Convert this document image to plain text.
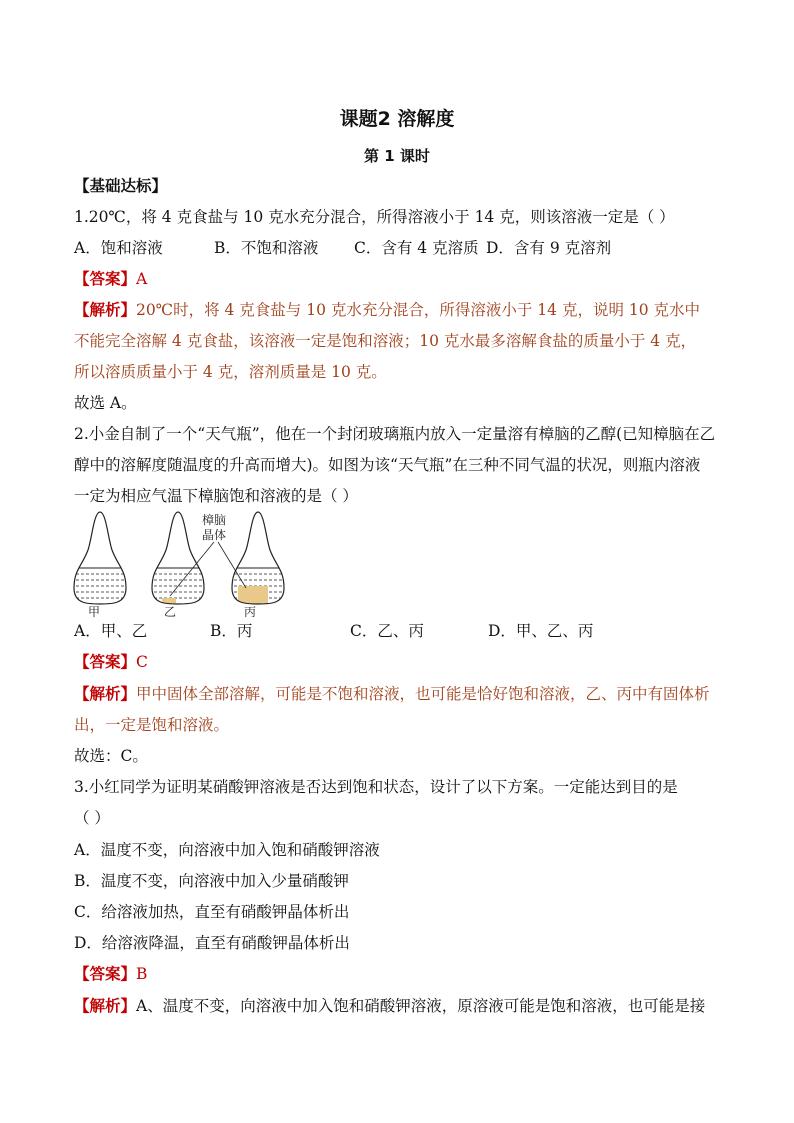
课题2 溶解度
第 1 课时
【基础达标】
1.20℃，将 4 克食盐与 10 克水充分混合，所得溶液小于 14 克，则该溶液一定是（ ）
A．饱和溶液	B．不饱和溶液 C．含有 4 克溶质 D．含有 9 克溶剂
【答案】A
【解析】20℃时，将 4 克食盐与 10 克水充分混合，所得溶液小于 14 克，说明 10 克水中
不能完全溶解 4 克食盐，该溶液一定是饱和溶液；10 克水最多溶解食盐的质量小于 4 克，
所以溶质质量小于 4 克，溶剂质量是 10 克。
故选 A。
2.小金自制了一个“天气瓶”，他在一个封闭玻璃瓶内放入一定量溶有樟脑的乙醇(已知樟脑在乙
醇中的溶解度随温度的升高而增大)。如图为该“天气瓶”在三种不同气温的状况，则瓶内溶液
一定为相应气温下樟脑饱和溶液的是（ ）
甲	乙	丙
樟脑
晶体
A．甲、乙	B．丙	C．乙、丙	D．甲、乙、丙
【答案】C
【解析】甲中固体全部溶解，可能是不饱和溶液，也可能是恰好饱和溶液，乙、丙中有固体析
出，一定是饱和溶液。
故选：C。
3.小红同学为证明某硝酸钾溶液是否达到饱和状态，设计了以下方案。一定能达到目的是
（ ）
A．温度不变，向溶液中加入饱和硝酸钾溶液
B．温度不变，向溶液中加入少量硝酸钾
C．给溶液加热，直至有硝酸钾晶体析出
D．给溶液降温，直至有硝酸钾晶体析出
【答案】B
【解析】A、温度不变，向溶液中加入饱和硝酸钾溶液，原溶液可能是饱和溶液，也可能是接
